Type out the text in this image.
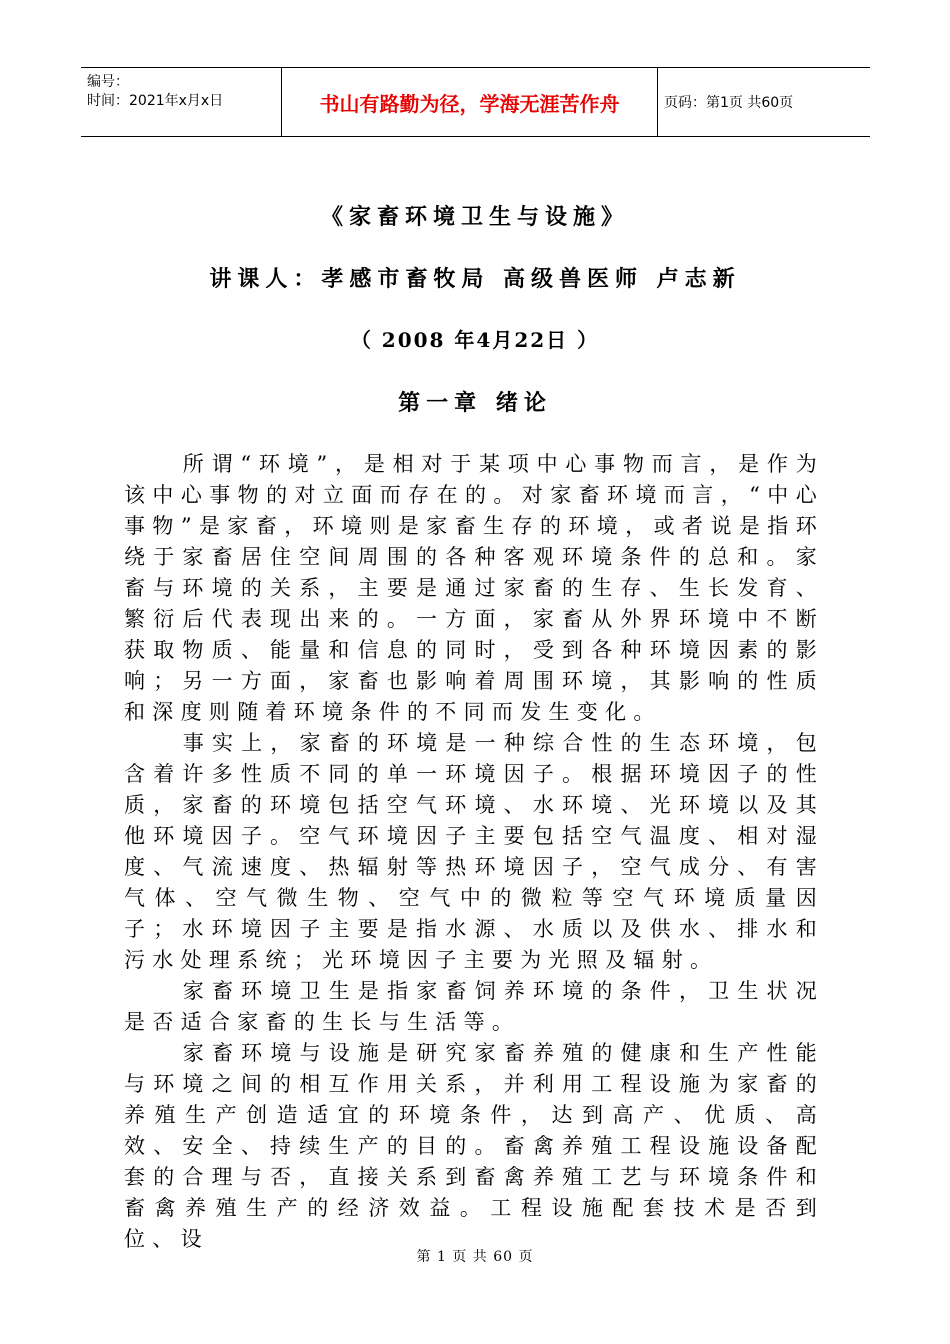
编号：
时间：2021年x月x日	书山有路勤为径，学海无涯苦作舟	页码：第1页 共60页
《家畜环境卫生与设施》
讲课人：孝感市畜牧局 高级兽医师 卢志新
（ 2008 年4月22日 ）
第一章 绪论

所谓“环境”，是相对于某项中心事物而言，是作为该中心事物的对立面而存在的。对家畜环境而言，“中心事物”是家畜，环境则是家畜生存的环境，或者说是指环绕于家畜居住空间周围的各种客观环境条件的总和。家畜与环境的关系，主要是通过家畜的生存、生长发育、繁衍后代表现出来的。一方面，家畜从外界环境中不断获取物质、能量和信息的同时，受到各种环境因素的影响；另一方面，家畜也影响着周围环境，其影响的性质和深度则随着环境条件的不同而发生变化。

事实上，家畜的环境是一种综合性的生态环境，包含着许多性质不同的单一环境因子。根据环境因子的性质，家畜的环境包括空气环境、水环境、光环境以及其他环境因子。空气环境因子主要包括空气温度、相对湿度、气流速度、热辐射等热环境因子，空气成分、有害气体、空气微生物、空气中的微粒等空气环境质量因子；水环境因子主要是指水源、水质以及供水、排水和污水处理系统；光环境因子主要为光照及辐射。

家畜环境卫生是指家畜饲养环境的条件，卫生状况是否适合家畜的生长与生活等。

家畜环境与设施是研究家畜养殖的健康和生产性能与环境之间的相互作用关系，并利用工程设施为家畜的养殖生产创造适宜的环境条件，达到高产、优质、高效、安全、持续生产的目的。畜禽养殖工程设施设备配套的合理与否，直接关系到畜禽养殖工艺与环境条件和畜禽养殖生产的经济效益。工程设施配套技术是否到位、设

第 1 页 共 60 页
